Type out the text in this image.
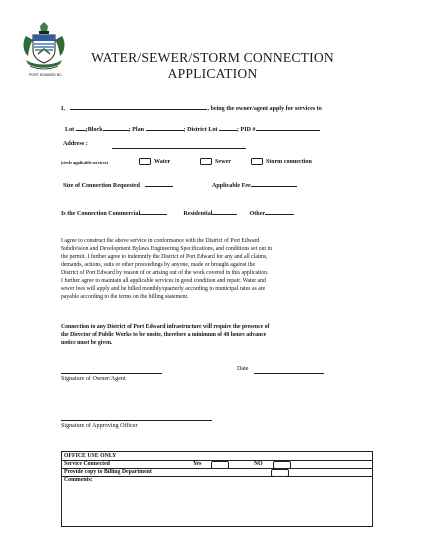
PORT EDWARD BC
WATER/SEWER/STORM CONNECTION
APPLICATION
I,	, being the owner/agent apply for services to
Lot ;Block	; Plan	; District Lot	; PID #
Address :
(circle applicable services)	Water	Sewer	Storm connection
Size of Connection Requested	Applicable Fee
Is the Connection Commercial	Residential	Other
I agree to construct the above service in conformance with the District of Port Edward
Subdivision and Development Bylaws Engineering Specifications, and conditions set out in
the permit. I further agree to indemnify the District of Port Edward for any and all claims,
demands, actions, suits or other proceedings by anyone, made or brought against the
District of Port Edward by reason of or arising out of the work covered in this application.
I further agree to maintain all applicable services in good condition and repair. Water and
sewer fees will apply and be billed monthly/quarterly according to municipal rates as are
payable according to the terms on the billing statement.
Connection to any District of Port Edward infrastructure will require the presence of
the Director of Public Works to be onsite, therefore a minimum of 48 hours advance
notice must be given.
Signature of Owner/Agent
Date
Signature of Approving Officer
OFFICE USE ONLY
Service Connected	Yes	NO
Provide copy to Billing Department
Comments:
